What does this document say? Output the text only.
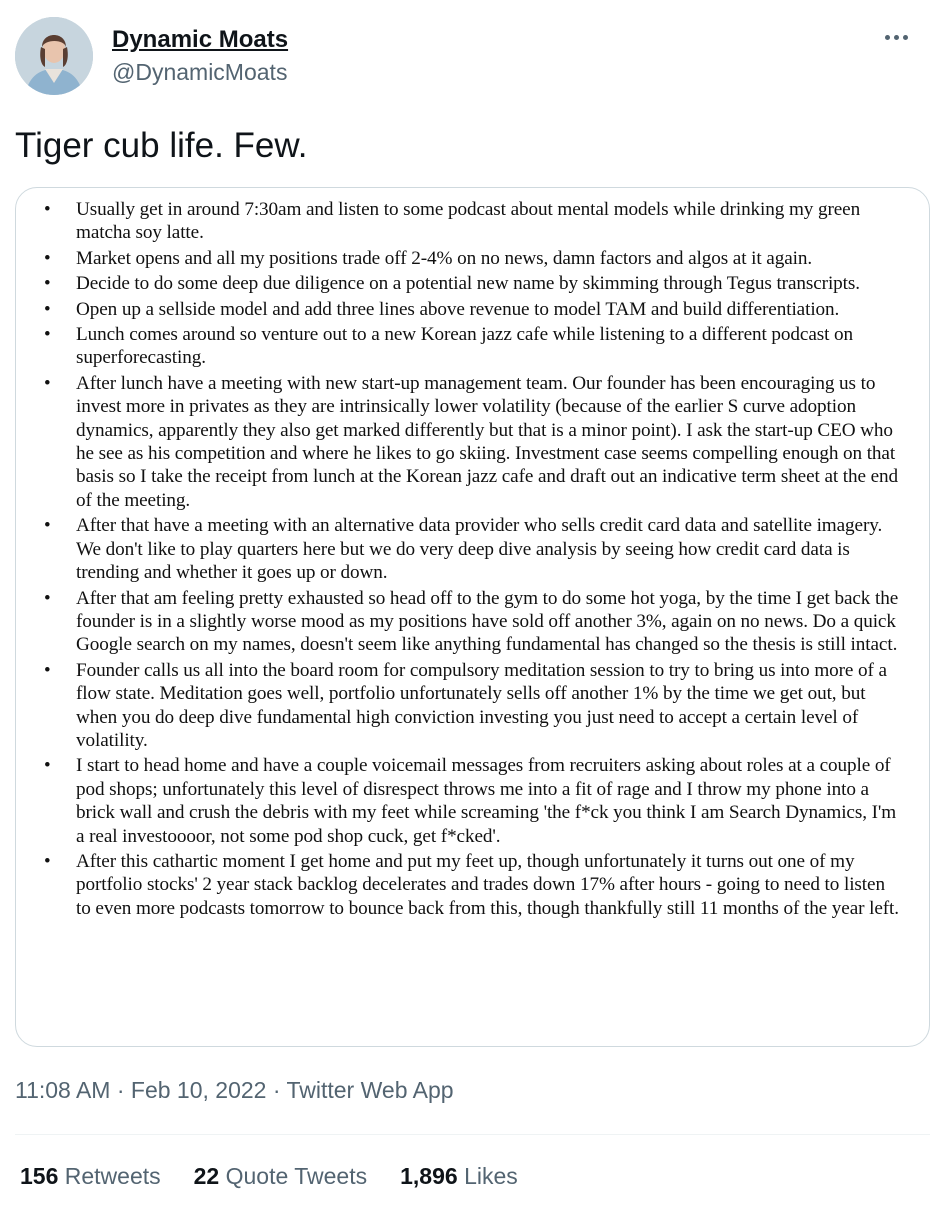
Dynamic Moats
@DynamicMoats
Tiger cub life. Few.
• Usually get in around 7:30am and listen to some podcast about mental models while drinking my green matcha soy latte.
• Market opens and all my positions trade off 2-4% on no news, damn factors and algos at it again.
• Decide to do some deep due diligence on a potential new name by skimming through Tegus transcripts.
• Open up a sellside model and add three lines above revenue to model TAM and build differentiation.
• Lunch comes around so venture out to a new Korean jazz cafe while listening to a different podcast on superforecasting.
• After lunch have a meeting with new start-up management team. Our founder has been encouraging us to invest more in privates as they are intrinsically lower volatility (because of the earlier S curve adoption dynamics, apparently they also get marked differently but that is a minor point). I ask the start-up CEO who he see as his competition and where he likes to go skiing. Investment case seems compelling enough on that basis so I take the receipt from lunch at the Korean jazz cafe and draft out an indicative term sheet at the end of the meeting.
• After that have a meeting with an alternative data provider who sells credit card data and satellite imagery. We don't like to play quarters here but we do very deep dive analysis by seeing how credit card data is trending and whether it goes up or down.
• After that am feeling pretty exhausted so head off to the gym to do some hot yoga, by the time I get back the founder is in a slightly worse mood as my positions have sold off another 3%, again on no news. Do a quick Google search on my names, doesn't seem like anything fundamental has changed so the thesis is still intact.
• Founder calls us all into the board room for compulsory meditation session to try to bring us into more of a flow state. Meditation goes well, portfolio unfortunately sells off another 1% by the time we get out, but when you do deep dive fundamental high conviction investing you just need to accept a certain level of volatility.
• I start to head home and have a couple voicemail messages from recruiters asking about roles at a couple of pod shops; unfortunately this level of disrespect throws me into a fit of rage and I throw my phone into a brick wall and crush the debris with my feet while screaming 'the f*ck you think I am Search Dynamics, I'm a real investoooor, not some pod shop cuck, get f*cked'.
• After this cathartic moment I get home and put my feet up, though unfortunately it turns out one of my portfolio stocks' 2 year stack backlog decelerates and trades down 17% after hours - going to need to listen to even more podcasts tomorrow to bounce back from this, though thankfully still 11 months of the year left.
11:08 AM · Feb 10, 2022 · Twitter Web App
156 Retweets 22 Quote Tweets 1,896 Likes
